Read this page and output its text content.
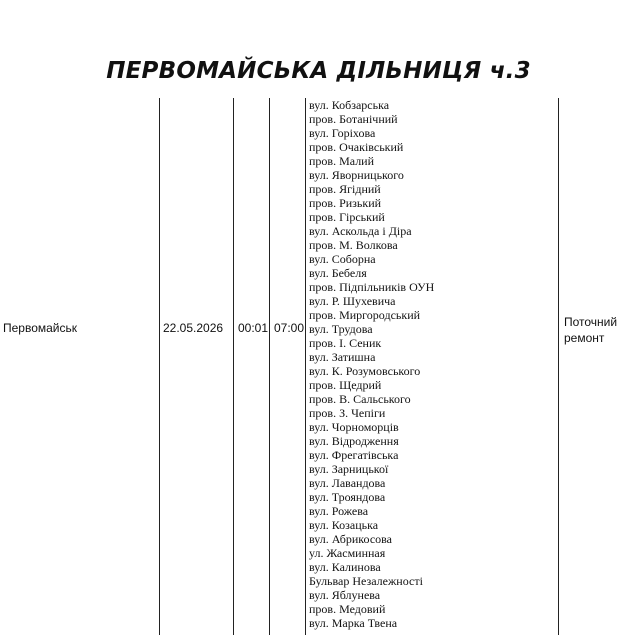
ПЕРВОМАЙСЬКА ДІЛЬНИЦЯ ч.3
Первомайськ	22.05.2026 00:01 07:00	Поточний
ремонт
вул. Кобзарська
пров. Ботанічний
вул. Горіхова
пров. Очаківський
пров. Малий
вул. Яворницького
пров. Ягідний
пров. Ризький
пров. Гірський
вул. Аскольда і Діра
пров. М. Волкова
вул. Соборна
вул. Бебеля
пров. Підпільників ОУН
вул. Р. Шухевича
пров. Миргородський
вул. Трудова
пров. І. Сеник
вул. Затишна
вул. К. Розумовського
пров. Щедрий
пров. В. Сальського
пров. З. Чепіги
вул. Чорноморців
вул. Відродження
вул. Фрегатівська
вул. Зарницької
вул. Лавандова
вул. Трояндова
вул. Рожева
вул. Козацька
вул. Абрикосова
ул. Жасминная
вул. Калинова
Бульвар Незалежності
вул. Яблунева
пров. Медовий
вул. Марка Твена
